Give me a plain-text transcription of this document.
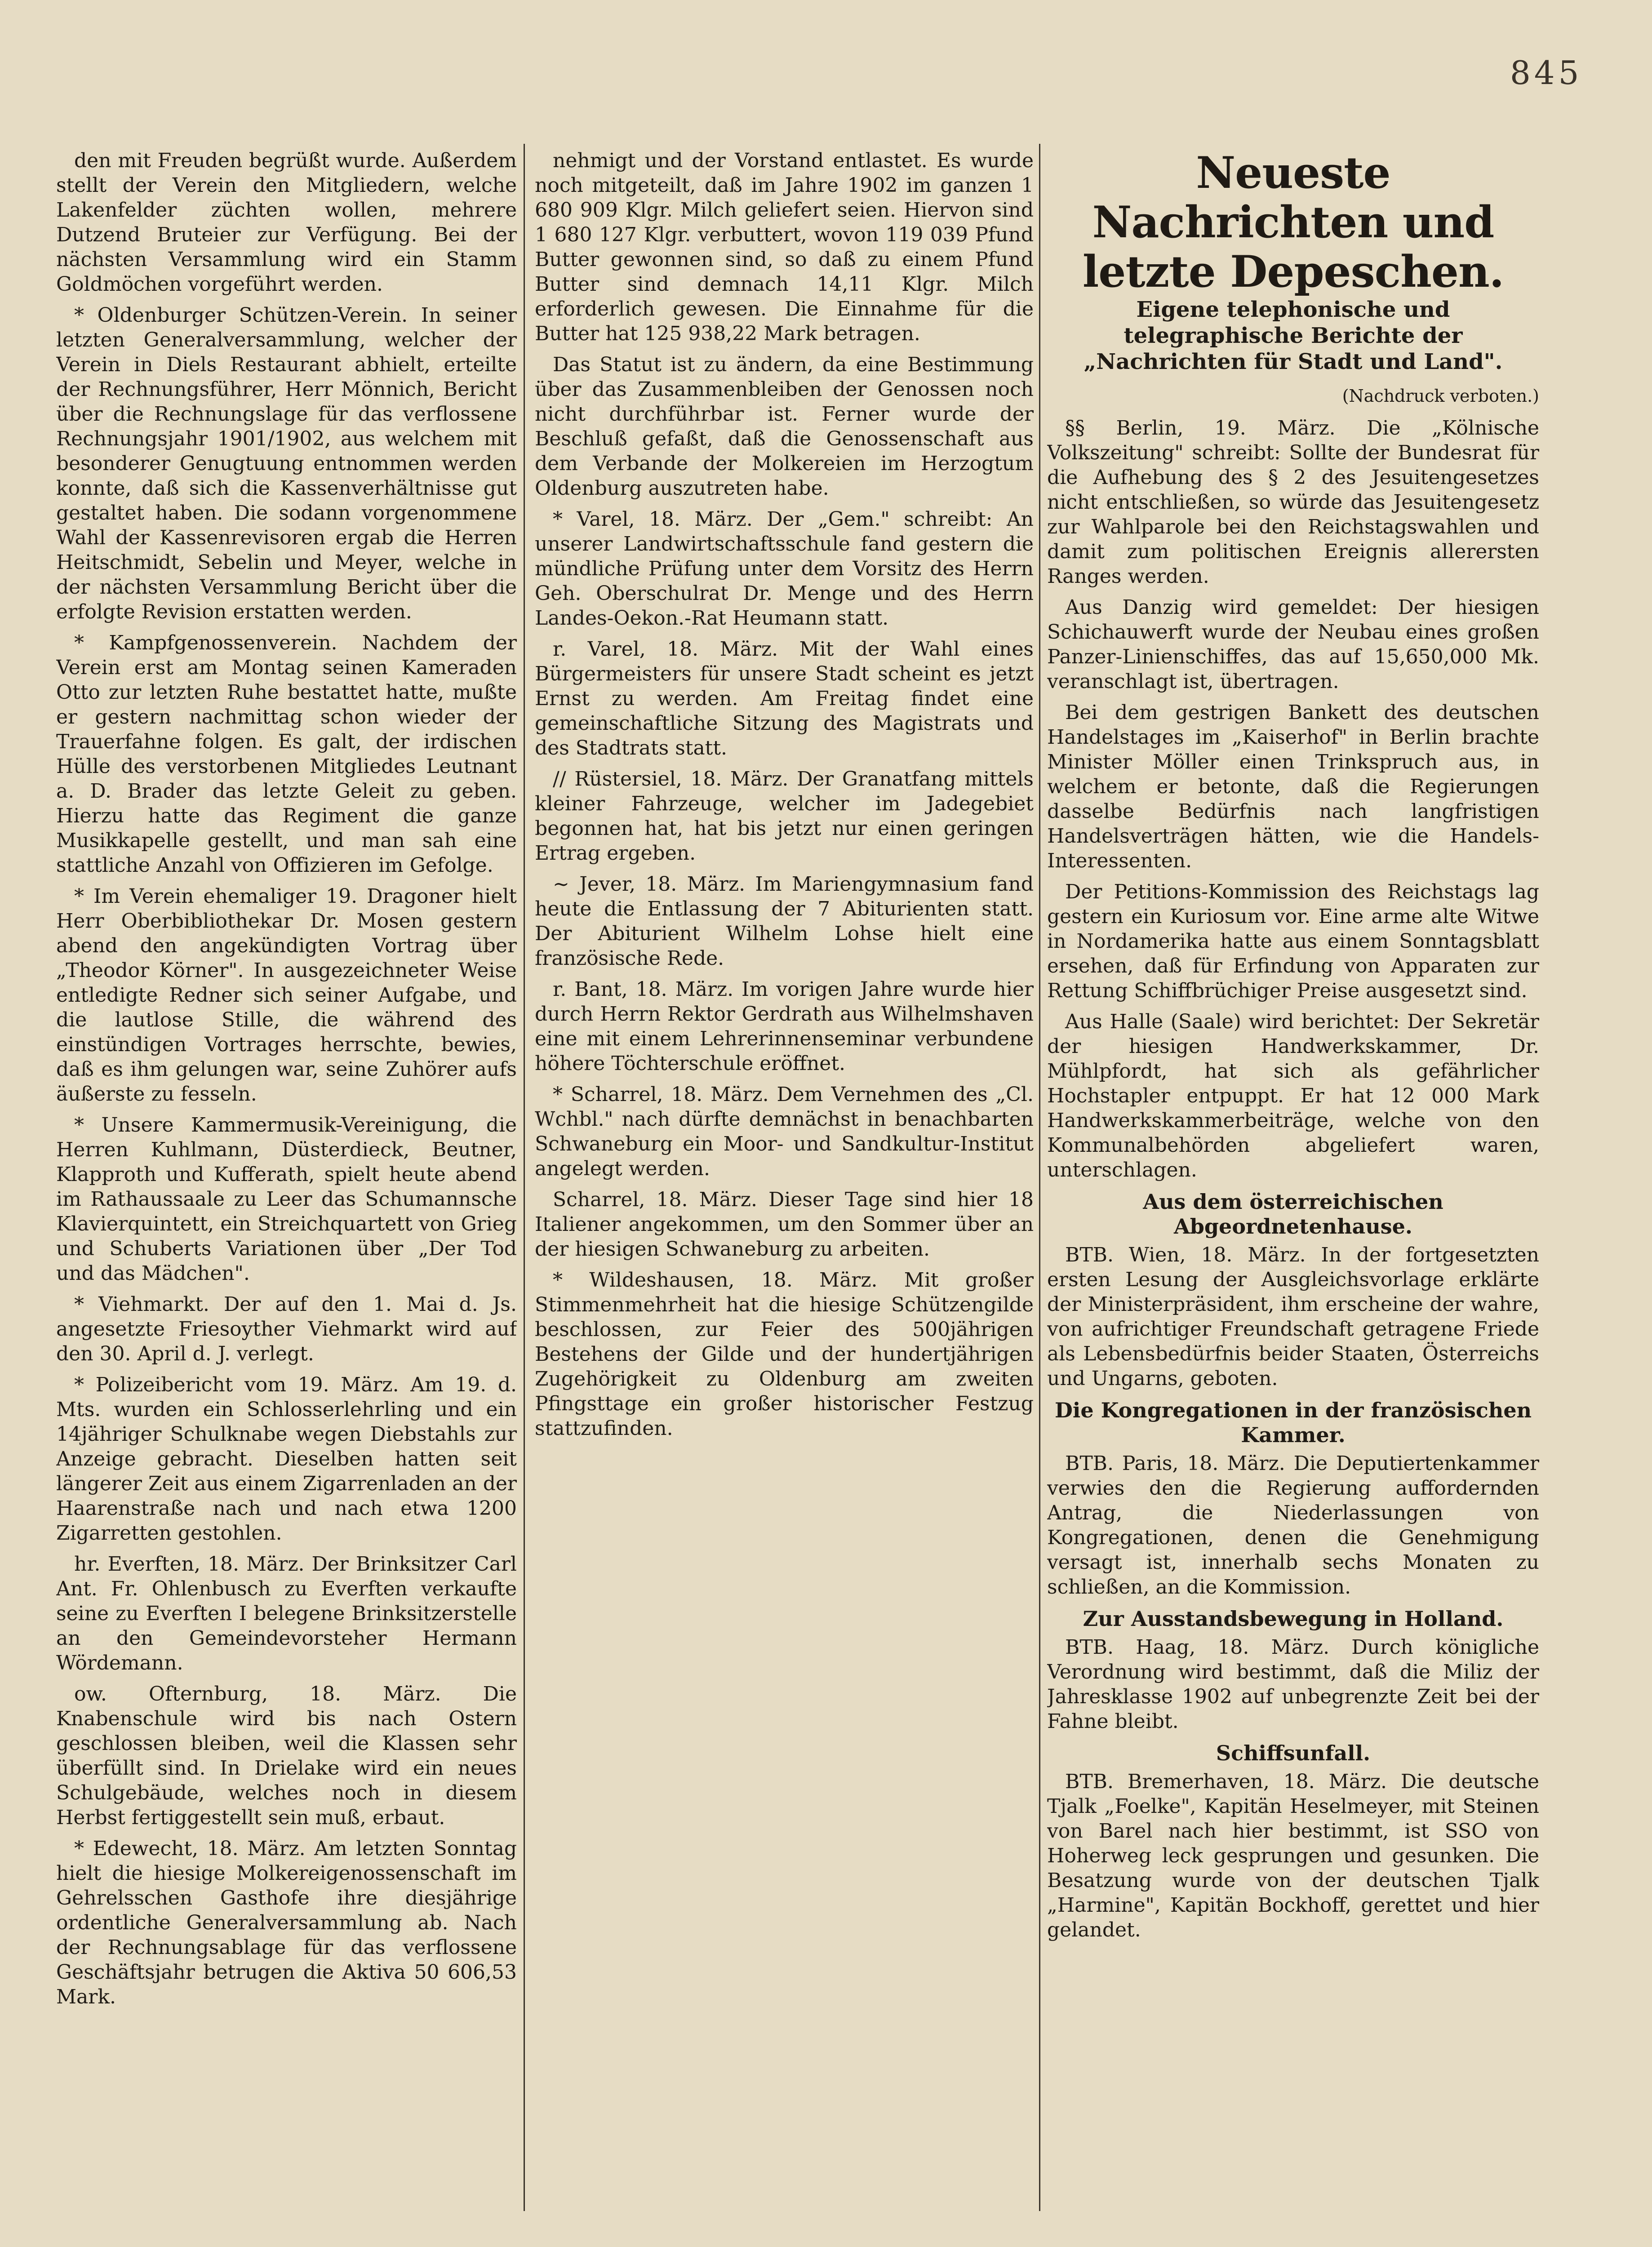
845

den mit Freuden begrüßt wurde. Außerdem stellt der Verein den Mitgliedern, welche Lakenfelder züchten wollen, mehrere Dutzend Bruteier zur Verfügung. Bei der nächsten Versammlung wird ein Stamm Goldmöchen vorgeführt werden.

* Oldenburger Schützen-Verein. In seiner letzten Generalversammlung, welcher der Verein in Diels Restaurant abhielt, erteilte der Rechnungsführer, Herr Mönnich, Bericht über die Rechnungslage für das verflossene Rechnungsjahr 1901/1902, aus welchem mit besonderer Genugtuung entnommen werden konnte, daß sich die Kassenverhältnisse gut gestaltet haben. Die sodann vorgenommene Wahl der Kassenrevisoren ergab die Herren Heitschmidt, Sebelin und Meyer, welche in der nächsten Versammlung Bericht über die erfolgte Revision erstatten werden.

* Kampfgenossenverein. Nachdem der Verein erst am Montag seinen Kameraden Otto zur letzten Ruhe bestattet hatte, mußte er gestern nachmittag schon wieder der Trauerfahne folgen. Es galt, der irdischen Hülle des verstorbenen Mitgliedes Leutnant a. D. Brader das letzte Geleit zu geben. Hierzu hatte das Regiment die ganze Musikkapelle gestellt, und man sah eine stattliche Anzahl von Offizieren im Gefolge.

* Im Verein ehemaliger 19. Dragoner hielt Herr Oberbibliothekar Dr. Mosen gestern abend den angekündigten Vortrag über „Theodor Körner". In ausgezeichneter Weise entledigte Redner sich seiner Aufgabe, und die lautlose Stille, die während des einstündigen Vortrages herrschte, bewies, daß es ihm gelungen war, seine Zuhörer aufs äußerste zu fesseln.

* Unsere Kammermusik-Vereinigung, die Herren Kuhlmann, Düsterdieck, Beutner, Klapproth und Kufferath, spielt heute abend im Rathaussaale zu Leer das Schumannsche Klavierquintett, ein Streichquartett von Grieg und Schuberts Variationen über „Der Tod und das Mädchen".

* Viehmarkt. Der auf den 1. Mai d. Js. angesetzte Friesoyther Viehmarkt wird auf den 30. April d. J. verlegt.

* Polizeibericht vom 19. März. Am 19. d. Mts. wurden ein Schlosserlehrling und ein 14jähriger Schulknabe wegen Diebstahls zur Anzeige gebracht. Dieselben hatten seit längerer Zeit aus einem Zigarrenladen an der Haarenstraße nach und nach etwa 1200 Zigarretten gestohlen.

hr. Everften, 18. März. Der Brinksitzer Carl Ant. Fr. Ohlenbusch zu Everften verkaufte seine zu Everften I belegene Brinksitzerstelle an den Gemeindevorsteher Hermann Wördemann.

ow. Ofternburg, 18. März. Die Knabenschule wird bis nach Ostern geschlossen bleiben, weil die Klassen sehr überfüllt sind. In Drielake wird ein neues Schulgebäude, welches noch in diesem Herbst fertiggestellt sein muß, erbaut.

* Edewecht, 18. März. Am letzten Sonntag hielt die hiesige Molkereigenossenschaft im Gehrelsschen Gasthofe ihre diesjährige ordentliche Generalversammlung ab. Nach der Rechnungsablage für das verflossene Geschäftsjahr betrugen die Aktiva 50 606,53 Mark.

nehmigt und der Vorstand entlastet. Es wurde noch mitgeteilt, daß im Jahre 1902 im ganzen 1 680 909 Klgr. Milch geliefert seien. Hiervon sind 1 680 127 Klgr. verbuttert, wovon 119 039 Pfund Butter gewonnen sind, so daß zu einem Pfund Butter sind demnach 14,11 Klgr. Milch erforderlich gewesen. Die Einnahme für die Butter hat 125 938,22 Mark betragen.

Das Statut ist zu ändern, da eine Bestimmung über das Zusammenbleiben der Genossen noch nicht durchführbar ist. Ferner wurde der Beschluß gefaßt, daß die Genossenschaft aus dem Verbande der Molkereien im Herzogtum Oldenburg auszutreten habe.

* Varel, 18. März. Der „Gem." schreibt: An unserer Landwirtschaftsschule fand gestern die mündliche Prüfung unter dem Vorsitz des Herrn Geh. Oberschulrat Dr. Menge und des Herrn Landes-Oekon.-Rat Heumann statt.

r. Varel, 18. März. Mit der Wahl eines Bürgermeisters für unsere Stadt scheint es jetzt Ernst zu werden. Am Freitag findet eine gemeinschaftliche Sitzung des Magistrats und des Stadtrats statt.

// Rüstersiel, 18. März. Der Granatfang mittels kleiner Fahrzeuge, welcher im Jadegebiet begonnen hat, hat bis jetzt nur einen geringen Ertrag ergeben.

~ Jever, 18. März. Im Mariengymnasium fand heute die Entlassung der 7 Abiturienten statt. Der Abiturient Wilhelm Lohse hielt eine französische Rede.

r. Bant, 18. März. Im vorigen Jahre wurde hier durch Herrn Rektor Gerdrath aus Wilhelmshaven eine mit einem Lehrerinnenseminar verbundene höhere Töchterschule eröffnet.

* Scharrel, 18. März. Dem Vernehmen des „Cl. Wchbl." nach dürfte demnächst in benachbarten Schwaneburg ein Moor- und Sandkultur-Institut angelegt werden.

Scharrel, 18. März. Dieser Tage sind hier 18 Italiener angekommen, um den Sommer über an der hiesigen Schwaneburg zu arbeiten.

* Wildeshausen, 18. März. Mit großer Stimmenmehrheit hat die hiesige Schützengilde beschlossen, zur Feier des 500jährigen Bestehens der Gilde und der hundertjährigen Zugehörigkeit zu Oldenburg am zweiten Pfingsttage ein großer historischer Festzug stattzufinden.

Neueste Nachrichten und letzte Depeschen.
Eigene telephonische und telegraphische Berichte der „Nachrichten für Stadt und Land".
(Nachdruck verboten.)

§§ Berlin, 19. März. Die „Kölnische Volkszeitung" schreibt: Sollte der Bundesrat für die Aufhebung des § 2 des Jesuitengesetzes nicht entschließen, so würde das Jesuitengesetz zur Wahlparole bei den Reichstagswahlen und damit zum politischen Ereignis allerersten Ranges werden.

Aus Danzig wird gemeldet: Der hiesigen Schichauwerft wurde der Neubau eines großen Panzer-Linienschiffes, das auf 15,650,000 Mk. veranschlagt ist, übertragen.

Bei dem gestrigen Bankett des deutschen Handelstages im „Kaiserhof" in Berlin brachte Minister Möller einen Trinkspruch aus, in welchem er betonte, daß die Regierungen dasselbe Bedürfnis nach langfristigen Handelsverträgen hätten, wie die Handels-Interessenten.

Der Petitions-Kommission des Reichstags lag gestern ein Kuriosum vor. Eine arme alte Witwe in Nordamerika hatte aus einem Sonntagsblatt ersehen, daß für Erfindung von Apparaten zur Rettung Schiffbrüchiger Preise ausgesetzt sind.

Aus Halle (Saale) wird berichtet: Der Sekretär der hiesigen Handwerkskammer, Dr. Mühlpfordt, hat sich als gefährlicher Hochstapler entpuppt. Er hat 12 000 Mark Handwerkskammerbeiträge, welche von den Kommunalbehörden abgeliefert waren, unterschlagen.

Aus dem österreichischen Abgeordnetenhause.

BTB. Wien, 18. März. In der fortgesetzten ersten Lesung der Ausgleichsvorlage erklärte der Ministerpräsident, ihm erscheine der wahre, von aufrichtiger Freundschaft getragene Friede als Lebensbedürfnis beider Staaten, Österreichs und Ungarns, geboten.

Die Kongregationen in der französischen Kammer.

BTB. Paris, 18. März. Die Deputiertenkammer verwies den die Regierung auffordernden Antrag, die Niederlassungen von Kongregationen, denen die Genehmigung versagt ist, innerhalb sechs Monaten zu schließen, an die Kommission.

Zur Ausstandsbewegung in Holland.

BTB. Haag, 18. März. Durch königliche Verordnung wird bestimmt, daß die Miliz der Jahresklasse 1902 auf unbegrenzte Zeit bei der Fahne bleibt.

Schiffsunfall.

BTB. Bremerhaven, 18. März. Die deutsche Tjalk „Foelke", Kapitän Heselmeyer, mit Steinen von Barel nach hier bestimmt, ist SSO von Hoherweg leck gesprungen und gesunken. Die Besatzung wurde von der deutschen Tjalk „Harmine", Kapitän Bockhoff, gerettet und hier gelandet.
